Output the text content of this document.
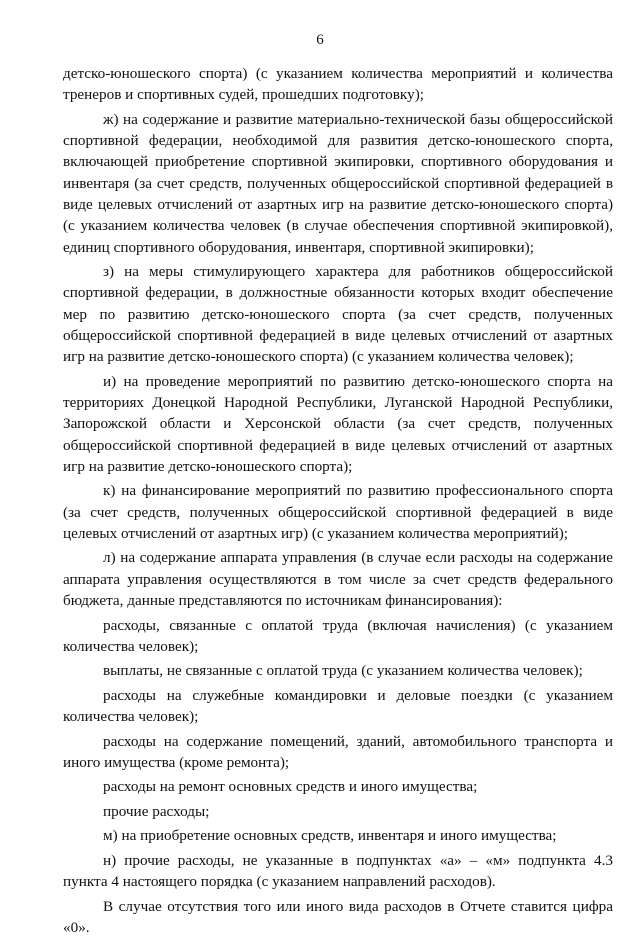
6

детско-юношеского спорта) (с указанием количества мероприятий и количества тренеров и спортивных судей, прошедших подготовку);

ж) на содержание и развитие материально-технической базы общероссийской спортивной федерации, необходимой для развития детско-юношеского спорта, включающей приобретение спортивной экипировки, спортивного оборудования и инвентаря (за счет средств, полученных общероссийской спортивной федерацией в виде целевых отчислений от азартных игр на развитие детско-юношеского спорта) (с указанием количества человек (в случае обеспечения спортивной экипировкой), единиц спортивного оборудования, инвентаря, спортивной экипировки);

з) на меры стимулирующего характера для работников общероссийской спортивной федерации, в должностные обязанности которых входит обеспечение мер по развитию детско-юношеского спорта (за счет средств, полученных общероссийской спортивной федерацией в виде целевых отчислений от азартных игр на развитие детско-юношеского спорта) (с указанием количества человек);

и) на проведение мероприятий по развитию детско-юношеского спорта на территориях Донецкой Народной Республики, Луганской Народной Республики, Запорожской области и Херсонской области (за счет средств, полученных общероссийской спортивной федерацией в виде целевых отчислений от азартных игр на развитие детско-юношеского спорта);

к) на финансирование мероприятий по развитию профессионального спорта (за счет средств, полученных общероссийской спортивной федерацией в виде целевых отчислений от азартных игр) (с указанием количества мероприятий);

л) на содержание аппарата управления (в случае если расходы на содержание аппарата управления осуществляются в том числе за счет средств федерального бюджета, данные представляются по источникам финансирования):

расходы, связанные с оплатой труда (включая начисления) (с указанием количества человек);

выплаты, не связанные с оплатой труда (с указанием количества человек);

расходы на служебные командировки и деловые поездки (с указанием количества человек);

расходы на содержание помещений, зданий, автомобильного транспорта и иного имущества (кроме ремонта);

расходы на ремонт основных средств и иного имущества;

прочие расходы;

м) на приобретение основных средств, инвентаря и иного имущества;

н) прочие расходы, не указанные в подпунктах «а» – «м» подпункта 4.3 пункта 4 настоящего порядка (с указанием направлений расходов).

В случае отсутствия того или иного вида расходов в Отчете ставится цифра «0».
